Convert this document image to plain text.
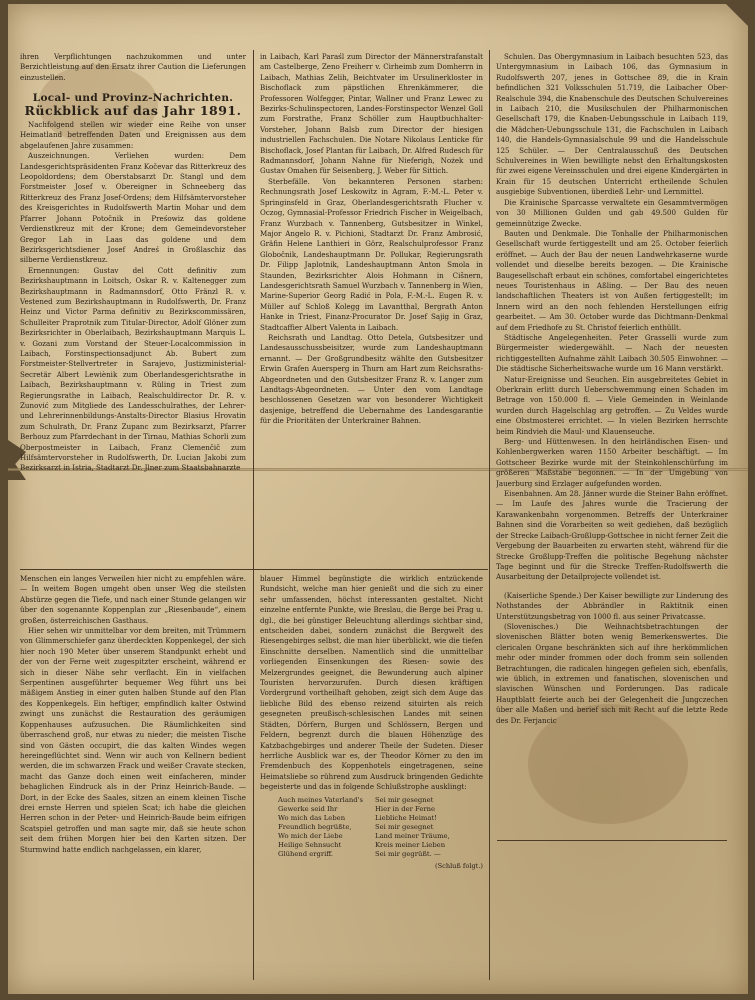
ihren Verpflichtungen nachzukommen und unter Berzichtleistung auf den Ersatz ihrer Caution die Lieferungen einzustellen.

Local- und Provinz-Nachrichten.
Rückblick auf das Jahr 1891.

Nachfolgend stellen wir wieder eine Reihe von unser Heimatland betreffenden Daten und Ereignissen aus dem abgelaufenen Jahre zusammen:

Auszeichnungen. Verliehen wurden: Dem Landesgerichtspräsidenten Franz Kočevar das Ritterkreuz des Leopoldordens; dem Oberstabsarzt Dr. Stangl und dem Forstmeister Josef v. Obereigner in Schneeberg das Ritterkreuz des Franz Josef-Ordens; dem Hilfsämtervorsteher des Kreisgerichtes in Rudolfswerth Martin Mohar und dem Pfarrer Johann Potočnik in Preśowiz das goldene Verdienstkreuz mit der Krone; dem Gemeindevorsteher Gregor Lah in Laas das goldene und dem Bezirksgerichtsdiener Josef Andreś in Großlaschiz das silberne Verdienstkreuz.

Ernennungen: Gustav del Cott definitiv zum Bezirkshauptmann in Loitsch, Oskar R. v. Kaltenegger zum Bezirkshauptmann in Radmannsdorf, Otto Fränzl R. v. Vestened zum Bezirkshauptmann in Rudolfswerth, Dr. Franz Heinz und Victor Parma definitiv zu Bezirkscommissären, Schulleiter Praprotnik zum Titular-Director, Adolf Glöner zum Bezirksrichter in Oberlaibach, Bezirkshauptmann Marquis L. v. Gozani zum Vorstand der Steuer-Localcommission in Laibach, Forstinspectionsadjunct Ab. Bubert zum Forstmeister-Stellvertreter in Sarajevo, Justizministerial-Secretär Albert Lewiènik zum Oberlandesgerichtsrathe in Laibach, Bezirkshauptmann v. Rüling in Triest zum Regierungsrathe in Laibach, Realschuldirector Dr. R. v. Zunović zum Mitgliede des Landesschulrathes, der Lehrer- und Lehrerinnenbildungs-Anstalts-Director Blasius Hrovatin zum Schulrath, Dr. Franz Zupanc zum Bezirksarzt, Pfarrer Berhouz zum Pfarrdechant in der Tirnau, Mathias Schorli zum Oberpostmeister in Laibach, Franz Clemenčič zum Hilfsämtervorsteher in Rudolfswerth, Dr. Lucian Jakobi zum Bezirksarzt in Istria, Stadtarzt Dr. Jlner zum Staatsbahnarzte

in Laibach, Karl Paraśl zum Director der Männerstrafanstalt am Castelberge, Zeno Freiherr v. Cirheimb zum Domherrn in Laibach, Mathias Zelih, Beichtvater im Ursulinerkloster in Bischoflack zum päpstlichen Ehrenkämmerer, die Professoren Wolfegger, Pintar, Wallner und Franz Lewec zu Bezirks-Schulinspectoren, Landes-Forstinspector Wenzel Goll zum Forstrathe, Franz Schöller zum Hauptbuchhalter-Vorsteher, Johann Balsb zum Director der hiesigen industriellen Fachschulen. Die Notare Nikolaus Lenticke für Bischoflack, Josef Plantan für Laibach, Dr. Alfred Rudesch für Radmannsdorf, Johann Nahne für Nieferigh, Nożek und Gustav Omahen für Seisenberg, J. Weber für Sittich.

Sterbefälle. Von bekannteren Personen starben: Rechnungsrath Josef Leskowitz in Agram, F.-M.-L. Peter v. Springinsfeld in Graz, Oberlandesgerichtsrath Flucher v. Oczog, Gymnasial-Professor Friedrich Fischer in Weigelbach, Franz Wurzbach v. Tannenberg, Gutsbesitzer in Winkel, Major Angelo R. v. Pichioni, Stadtarzt Dr. Franz Ambrosić, Gräfin Helene Lanthieri in Görz, Realschulprofessor Franz Globočnik, Landeshauptmann Dr. Pollukar, Regierungsrath Dr. Filipp Japlotnik, Landeshauptmann Anton Smola in Staunden, Bezirksrichter Alois Hohmann in Cišnern, Landesgerichtsrath Samuel Wurzbach v. Tannenberg in Wien, Marine-Superior Georg Radić in Pola, F.-M.-L. Eugen R. v. Müller auf Schloß Kolegg im Lavantthal, Bergrath Anton Hanke in Triest, Finanz-Procurator Dr. Josef Sajig in Graz, Stadtcaffier Albert Valenta in Laibach.

Reichsrath und Landtag. Otto Detela, Gutsbesitzer und Landesausschussbeisitzer, wurde zum Landeshauptmann ernannt. — Der Großgrundbesitz wählte den Gutsbesitzer Erwin Grafen Auersperg in Thurn am Hart zum Reichsraths-Abgeordneten und den Gutsbesitzer Franz R. v. Langer zum Landtags-Abgeordneten. — Unter den vom Landtage beschlossenen Gesetzen war von besonderer Wichtigkeit dasjenige, betreffend die Uebernahme des Landesgarantie für die Prioritäten der Unterkrainer Bahnen.

Schulen. Das Obergymnasium in Laibach besuchten 523, das Untergymnasium in Laibach 106, das Gymnasium in Rudolfswerth 207, jenes in Gottschee 89, die in Krain befindlichen 321 Volksschulen 51.719, die Laibacher Ober-Realschule 394, die Knabenschule des Deutschen Schulvereines in Laibach 210, die Musikschulen der Philharmonischen Gesellschaft 179, die Knaben-Uebungsschule in Laibach 119, die Mädchen-Uebungsschule 131, die Fachschulen in Laibach 140, die Handels-Gymnasialschule 99 und die Handelsschule 125 Schüler. — Der Centralausschuß des Deutschen Schulvereines in Wien bewilligte nebst den Erhaltungskosten für zwei eigene Vereinsschulen und drei eigene Kindergärten in Krain für 15 deutschen Unterricht ertheilende Schulen ausgiebige Subventionen, überdieß Lehr- und Lernmittel.

Die Krainische Sparcasse verwaltete ein Gesammtvermögen von 30 Millionen Gulden und gab 49.500 Gulden für gemeinnützige Zwecke.

Bauten und Denkmale. Die Tonhalle der Philharmonischen Gesellschaft wurde fertiggestellt und am 25. October feierlich eröffnet. — Auch der Bau der neuen Landwehrkaserne wurde vollendet und dieselbe bereits bezogen. — Die Krainische Baugesellschaft erbaut ein schönes, comfortabel eingerichtetes neues Touristenhaus in Aßling. — Der Bau des neuen landschaftlichen Theaters ist von Außen fertiggestellt; im Innern wird an den noch fehlenden Herstellungen eifrig gearbeitet. — Am 30. October wurde das Dichtmann-Denkmal auf dem Friedhofe zu St. Christof feierlich enthüllt.

Städtische Angelegenheiten. Peter Grasselli wurde zum Bürgermeister wiedergewählt. — Nach der neuesten richtiggestellten Aufnahme zählt Laibach 30.505 Einwohner. — Die städtische Sicherheitswache wurde um 16 Mann verstärkt.

Natur-Ereignisse und Seuchen. Ein ausgebreitetes Gebiet in Oberkrain erlitt durch Ueberschwemmung einen Schaden im Betrage von 150.000 fl. — Viele Gemeinden in Weinlande wurden durch Hagelschlag arg getroffen. — Zu Veldes wurde eine Obstmosterei errichtet. — In vielen Bezirken herrschte beim Rindvieh die Maul- und Klauenseuche.

Berg- und Hüttenwesen. In den heirländischen Eisen- und Kohlenbergwerken waren 1150 Arbeiter beschäftigt. — Im Gottscheer Bezirke wurde mit der Steinkohlenschürfung im größeren Maßstabe begonnen. — In der Umgebung von Jauerburg sind Erzlager aufgefunden worden.

Eisenbahnen. Am 28. Jänner wurde die Steiner Bahn eröffnet. — Im Laufe des Jahres wurde die Tracierung der Karawankenbahn vorgenommen. Betreffs der Unterkrainer Bahnen sind die Vorarbeiten so weit gediehen, daß bezüglich der Strecke Laibach-Großlupp-Gottschee in nicht ferner Zeit die Vergebung der Bauarbeiten zu erwarten steht, während für die Strecke Großlupp-Treffen die politische Begehung nächster Tage beginnt und für die Strecke Treffen-Rudolfswerth die Ausarbeitung der Detailprojecte vollendet ist.

(Kaiserliche Spende.) Der Kaiser bewilligte zur Linderung des Nothstandes der Abbrändler in Raktitnik einen Unterstützungsbetrag von 1000 fl. aus seiner Privatcasse.

(Slovenisches.) Die Weihnachtsbetrachtungen der slovenischen Blätter boten wenig Bemerkenswertes. Die clericalen Organe beschränkten sich auf ihre herkömmlichen mehr oder minder frommen oder doch fromm sein sollenden Betrachtungen, die radicalen hingegen gefielen sich, ebenfalls, wie üblich, in extremen und fanatischen, slovenischen und slavischen Wünschen und Forderungen. Das radicale Hauptblatt feierte auch bei der Gelegenheit die Jungczechen über alle Maßen und berief sich mit Recht auf die letzte Rede des Dr. Ferjancic

Menschen ein langes Verweilen hier nicht zu empfehlen wäre. — In weitem Bogen umgeht oben unser Weg die steilsten Abstürze gegen die Tiefe, und nach einer Stunde gelangen wir über den sogenannte Koppenplan zur „Riesenbaude“, einem großen, österreichischen Gasthaus.

Hier sehen wir unmittelbar vor dem breiten, mit Trümmern von Glimmerschiefer ganz überdeckten Koppenkegel, der sich hier noch 190 Meter über unserem Standpunkt erhebt und der von der Ferne weit zugespitzter erscheint, während er sich in dieser Nähe sehr verflacht. Ein in vielfachen Serpentinen ausgeführter bequemer Weg führt uns bei mäßigem Anstieg in einer guten halben Stunde auf den Plan des Koppenkegels. Ein heftiger, empfindlich kalter Ostwind zwingt uns zunächst die Restauration des geräumigen Koppenhauses aufzusuchen. Die Räumlichkeiten sind überraschend groß, nur etwas zu nieder; die meisten Tische sind von Gästen occupirt, die das kalten Windes wegen hereingeflüchtet sind. Wenn wir auch von Kellnern bedient werden, die im schwarzen Frack und weißer Cravate stecken, macht das Ganze doch einen weit einfacheren, minder behaglichen Eindruck als in der Prinz Heinrich-Baude. — Dort, in der Ecke des Saales, sitzen an einem kleinen Tische drei ernste Herren und spielen Scat; ich habe die gleichen Herren schon in der Peter- und Heinrich-Baude beim eifrigen Scatspiel getroffen und man sagte mir, daß sie heute schon seit dem frühen Morgen hier bei den Karten sitzen. Der Sturmwind hatte endlich nachgelassen, ein klarer,

blauer Himmel begünstigte die wirklich entzückende Rundsicht, welche man hier genießt und die sich zu einer sehr umfassenden, höchst interessanten gestaltet. Nicht einzelne entfernte Punkte, wie Breslau, die Berge bei Prag u. dgl., die bei günstiger Beleuchtung allerdings sichtbar sind, entscheiden dabei, sondern zunächst die Bergwelt des Riesengebirges selbst, die man hier überblickt, wie die tiefen Einschnitte derselben. Namentlich sind die unmittelbar vorliegenden Einsenkungen des Riesen- sowie des Melzergrundes geeignet, die Bewunderung auch alpiner Touristen hervorzurufen. Durch diesen kräftigen Vordergrund vortheilhaft gehoben, zeigt sich dem Auge das liebliche Bild des ebenso reizend situirten als reich gesegneten preußisch-schlesischen Landes mit seinen Städten, Dörfern, Burgen und Schlössern, Bergen und Feldern, begrenzt durch die blauen Höhenzüge des Katzbachgebirges und anderer Theile der Sudeten. Dieser herrliche Ausblick war es, der Theodor Körner zu den im Fremdenbuch des Koppenhotels eingetragenen, seine Heimatsliebe so rührend zum Ausdruck bringenden Gedichte begeisterte und das in folgende Schlußstrophe ausklingt:

Auch meines Vaterland's
Gewerke seid Ihr
Wo mich das Leben
Freundlich begrüßte,
Wo mich der Liebe
Heilige Sehnsucht
Glühend ergriff.
Sei mir gesegnet
Hier in der Ferne
Liebliche Heimat!
Sei mir gesegnet
Land meiner Träume,
Kreis meiner Lieben
Sei mir gegrüßt. —
(Schluß folgt.)
